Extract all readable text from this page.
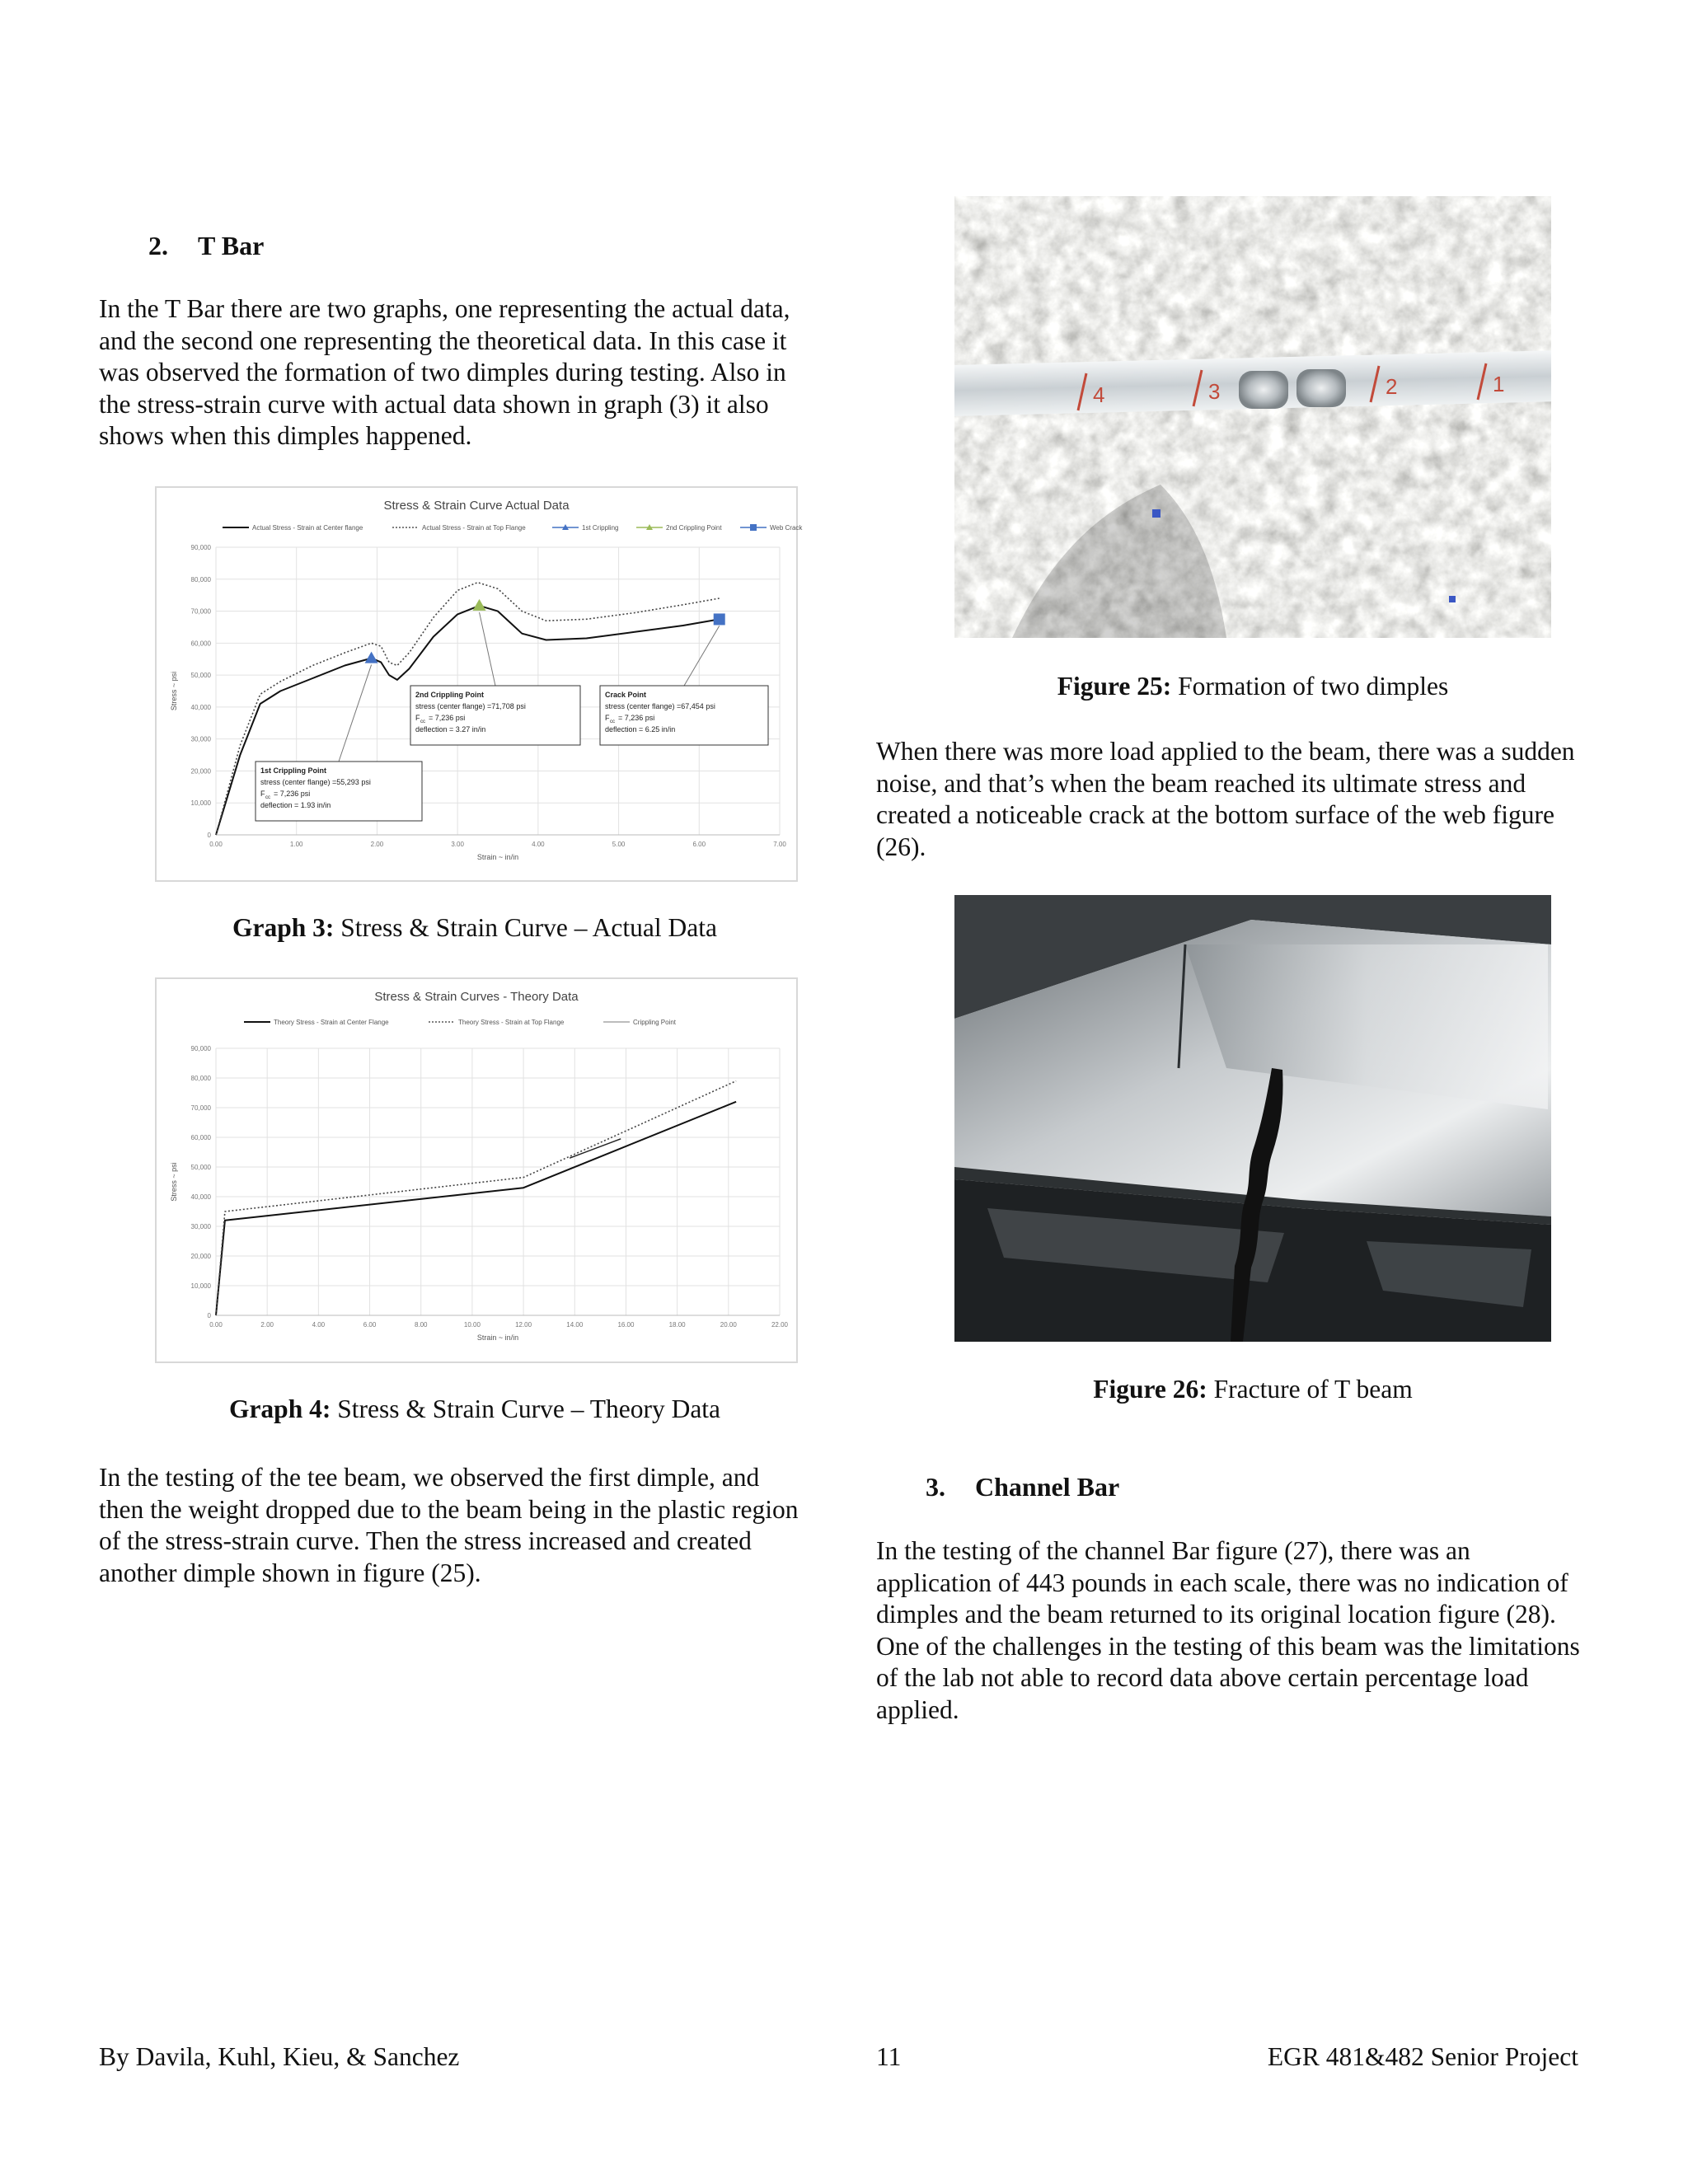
2. T Bar

In the T Bar there are two graphs, one representing the actual data, and the second one representing the theoretical data. In this case it was observed the formation of two dimples during testing. Also in the stress-strain curve with actual data shown in graph (3) it also shows when this dimples happened.

Stress & Strain Curve Actual Data
0
10,000
20,000
30,000
40,000
50,000
60,000
70,000
80,000
90,000
0.00	1.00	2.00	3.00	4.00	5.00	6.00	7.00
Strain ~ in/in
Stress ~ psi
Actual Stress - Strain at Center flange	Actual Stress - Strain at Top Flange	1st Crippling	2nd Crippling Point	Web Crack
1st Crippling Point
stress (center flange) =55,293 psi
F cc = 7,236 psi
deflection = 1.93 in/in
2nd Crippling Point
stress (center flange) =71,708 psi
F cc = 7,236 psi
deflection = 3.27 in/in
Crack Point
stress (center flange) =67,454 psi
F cc = 7,236 psi
deflection = 6.25 in/in
Graph 3: Stress & Strain Curve – Actual Data
Stress & Strain Curves - Theory Data
0
10,000
20,000
30,000
40,000
50,000
60,000
70,000
80,000
90,000
0.00	2.00	4.00	6.00	8.00	10.00	12.00	14.00	16.00	18.00	20.00	22.00
Strain ~ in/in
Stress ~ psi
Theory Stress - Strain at Center Flange	Theory Stress - Strain at Top Flange	Crippling Point
Graph 4: Stress & Strain Curve – Theory Data

In the testing of the tee beam, we observed the first dimple, and then the weight dropped due to the beam being in the plastic region of the stress-strain curve. Then the stress increased and created another dimple shown in figure (25).

4	3	2	1
Figure 25: Formation of two dimples

When there was more load applied to the beam, there was a sudden noise, and that’s when the beam reached its ultimate stress and created a noticeable crack at the bottom surface of the web figure (26).

Figure 26: Fracture of T beam
3. Channel Bar

In the testing of the channel Bar figure (27), there was an application of 443 pounds in each scale, there was no indication of dimples and the beam returned to its original location figure (28). One of the challenges in the testing of this beam was the limitations of the lab not able to record data above certain percentage load applied.

By Davila, Kuhl, Kieu, & Sanchez	11	EGR 481&482 Senior Project
